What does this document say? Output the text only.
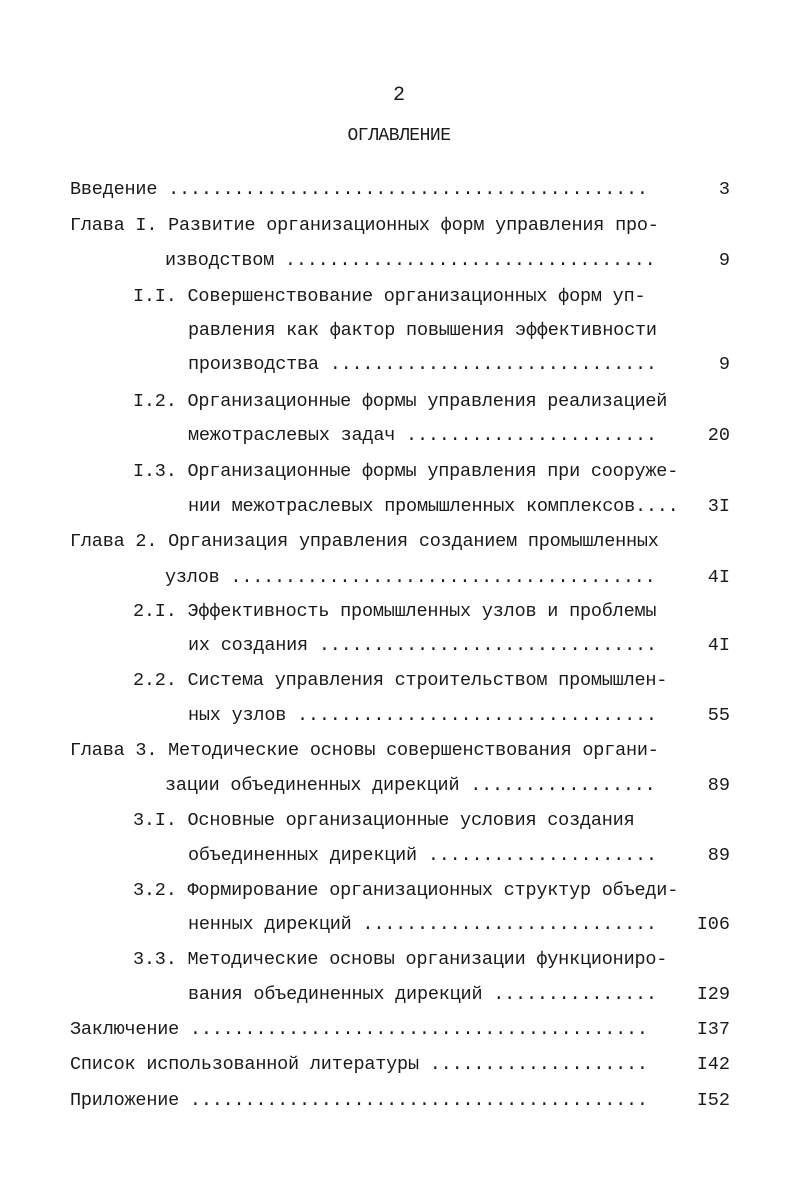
2
ОГЛАВЛЕНИЕ
Введение ............................................
Глава I. Развитие организационных форм управления про-
изводством ..................................
I.I. Совершенствование организационных форм уп-
равления как фактор повышения эффективности
производства ..............................
I.2. Организационные формы управления реализацией
межотраслевых задач .......................
I.3. Организационные формы управления при сооруже-
нии межотраслевых промышленных комплексов....
Глава 2. Организация управления созданием промышленных
узлов .......................................
2.I. Эффективность промышленных узлов и проблемы
их создания ...............................
2.2. Система управления строительством промышлен-
ных узлов .................................
Глава 3. Методические основы совершенствования органи-
зации объединенных дирекций .................
3.I. Основные организационные условия создания
объединенных дирекций .....................
3.2. Формирование организационных структур объеди-
ненных дирекций ...........................
3.3. Методические основы организации функциониро-
вания объединенных дирекций ...............
Заключение ..........................................
Список использованной литературы ....................
Приложение ..........................................
3
9
9
20
3I
4I
4I
55
89
89
I06
I29
I37
I42
I52
